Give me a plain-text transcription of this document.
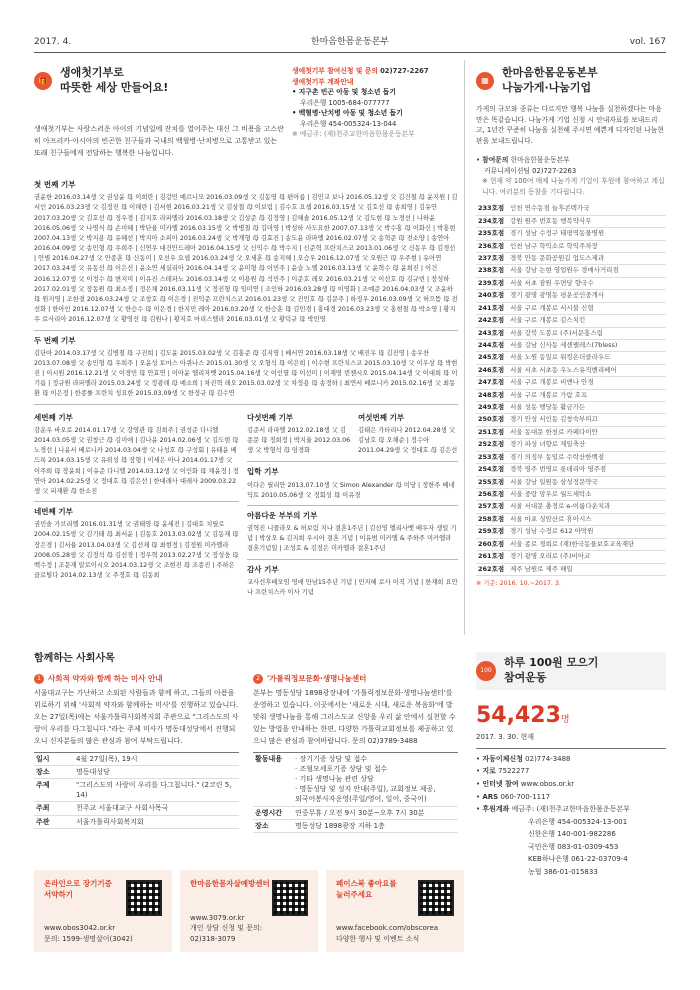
2017. 4.	한마음한몸운동본부	vol. 167
🎁
생애첫기부로
따뜻한 세상 만들어요!
생애첫기부 참여신청 및 문의 02)727-2267
생애첫기부 계좌안내
• 지구촌 빈곤 아동 및 청소년 돕기
우리은행 1005-684-077777
• 백혈병·난치병 아동 및 청소년 돕기
우리은행 454-005324-13-044
※ 예금주: (재)천주교한마음한몸운동본부
생애첫기부는 사랑스러운 아이의 기념일에 잔치를 열어주는 대신 그 비용을 고스란히 아프리카·아시아의 빈곤한 친구들과 국내의 백혈병·난치병으로 고통받고 있는 또래 친구들에게 전달하는 행복한 나눔입니다.
첫 번째 기부

권윤한 2016.03.14생 父 권상윤 母 이희란 | 김강민 예르니모 2016.03.09생 父 김동영 母 편아름 | 김민교 보나 2016.05.12생 父 김건철 母 윤지원 | 김서인 2016.03.23생 父 김정진 母 이해란 | 김서현 2016.03.21생 父 김상철 母 이보림 | 김수호 요셉 2016.03.15생 父 김호선 母 송희영 | 김유안 2017.03.20생 父 김호선 母 정우경 | 김지호 라파엘라 2016.03.18생 父 김상준 母 김정영 | 김해솔 2016.05.12생 父 김도현 母 노경선 | 나하윤 2016.05.06생 父 나명식 母 손미혜 | 박단율 미카엘 2016.03.15생 父 박병철 母 김미영 | 박성하 사도요한 2007.07.13생 父 박수홍 母 이화신 | 박홍현 2007.04.13생 父 박지용 母 유혜선 | 박지아 소피아 2016.03.24생 父 박계형 母 김효진 | 송도윤 라파엘 2016.02.07생 父 송혁준 母 전소양 | 송연아 2016.04.09생 父 송민형 母 우희주 | 신연우 대건안드레아 2016.04.15생 父 신익수 母 박수지 | 신준혁 프란치스코 2013.01.06생 父 신동우 母 김경선 | 안별 2016.04.27생 父 안종훈 母 신동미 | 오선우 요셉 2016.03.24생 父 오세훈 母 송지혜 | 오승우 2016.12.07생 父 오원근 母 우주현 | 유아연 2017.03.24생 父 유동선 母 이은선 | 윤소연 세실리아 2016.04.14생 父 윤미형 母 이민주 | 윤슬 노엘 2016.03.13생 父 윤혁수 母 윤희진 | 이건 2016.12.07생 父 이정수 母 변지미 | 이유진 스테파노 2016.03.14생 父 이용원 母 석민주 | 이준호 레오 2016.03.21생 父 이선호 母 김규빈 | 장성하 2017.02.01생 父 장동원 母 최소정 | 정은채 2016.03.11생 父 정진형 母 임미연 | 조인하 2016.03.28생 母 이영화 | 조예준 2016.04.03생 父 조윤하 母 원지영 | 조한결 2016.03.24생 父 조창호 母 이은경 | 진익준 프란치스코 2016.01.23생 父 진민호 母 김문주 | 하정우 2016.03.09생 父 허으뜸 母 전선화 | 한아인 2016.12.07생 父 한승수 母 이은경 | 한지민 레아 2016.03.20생 父 한승훈 母 김민경 | 홍대경 2016.03.23생 父 홍현철 母 박소영 | 황지우 로사리아 2016.12.07생 父 황영선 母 김원나 | 황지호 마리스텔라 2016.03.01생 父 황덕규 母 박민영

두 번째 기부

김단아 2014.03.17생 父 김병철 母 구진희 | 김도윤 2015.03.02생 父 김홍준 母 김지영 | 배서연 2016.03.18생 父 배진우 母 김진영 | 송우찬 2013.07.08생 父 송민형 母 우희주 | 오윤성 토마스 아퀴나스 2015.01.30생 父 오형석 母 이은희 | 이수현 프란치스코 2015.03.10생 父 이우상 母 박현진 | 이시원 2016.12.21생 父 이경민 母 안효연 | 이아윤 엘리자벳 2015.04.16생 父 이인열 母 이선미 | 이재영 빈첸시오 2015.04.14생 父 이대희 母 이기름 | 정규원 라파엘라 2015.03.24생 父 정광래 母 예소희 | 차진혁 레오 2015.03.02생 父 차정용 母 송정하 | 최연서 베로니카 2015.02.16생 父 최동환 母 이은정 | 한종률 프란치 성요한 2015.03.09생 父 한정규 母 김수연

세번째 기부

강운우 바오로 2014.01.17생 父 강영관 母 김희주 | 권성준 다니엘 2014.03.05생 父 권창근 母 김미애 | 김나윤 2014.02.06생 父 김도현 母 노경선 | 나윤서 베로니카 2014.03.04생 父 나성호 母 구성회 | 유태윤 베드록 2014.03.15생 父 유위성 母 장형 | 이세은 아나 2014.01.17생 父 이주희 母 장윤희 | 이유준 다니엘 2014.03.12생 父 이인화 母 채윤정 | 정연아 2014.02.25생 父 정대호 母 김은선 | 한대래사 대래사 2009.03.22생 父 피재환 母 한소진

네번째 기부

권민솔 가브리엘 2016.01.31생 父 권태영 母 윤세진 | 김대호 치릴로 2004.02.15생 父 김기태 母 최서윤 | 김동호 2013.03.02생 父 김동재 母 장은경 | 김서율 2013.04.03생 父 김선재 母 최현정 | 김정원 미카엘라 2008.05.28생 父 김정석 母 김선경 | 정우혁 2013.02.27생 父 정성웅 母 백수정 | 조문재 알로이시오 2014.03.12생 父 조현진 母 조종진 | 주하은 클로틸다 2014.02.13생 父 주정호 母 김동희

다섯번째 기부

김준서 라파엘 2012.02.18생 父 김종문 母 정희정 | 박지율 2012.03.06생 父 박형석 母 임경화

여섯번째 기부

김태은 가타리나 2012.04.28생 父 김남호 母 오해순 | 정수아 2011.04.29생 父 정대호 母 김은선

입학 기부

이다은 릴리안 2013.07.10생 父 Simon Alexander 母 이당 | 정한주 베네딕토 2010.05.06생 父 정회성 母 이유경

아름다운 부부의 기부

권혁진 니콜라오 & 허보림 지나 결혼1주년 | 김선영 엘리사벳 배우자 생일 기념 | 박상오 & 김지희 우시아 결혼 기념 | 이유범 미카엘 & 주하주 미카엘라 결혼기념일 | 조성호 & 김정은 미카엘라 결혼1주년

감사 기부

교사선후배모임 영애 만남15주년 기념 | 민지혜 로사 이직 기념 | 한재희 요안나 프란치스카 이사 기념

▦
한마음한몸운동본부
나눔가게·나눔기업
가게의 규모와 종류는 다르지만 행복 나눔을 실천하겠다는 마음만은 똑같습니다. 나눔가게 기업 신청 시 안내자료를 보내드리고, 1년간 꾸준히 나눔을 실천해 주시면 예쁜게 디자인된 나눔현판을 보내드립니다.
• 참여문의 한마음한몸운동본부
커뮤니케이션팀 02)727-2263
※ 현재 약 100여 매체 나눔가게 기업이 후원에 참여하고 계십니다. 여러분의 동참을 기다립니다.
233호점	인천 연수동점 눌후콘텍가국
234호점	강원 원주 번호동 행복약사무
235호점	경기 성남 수정구 태평역동물병원
236호점	인천 남구 학익소로 학익주차장
237호점	경북 안동 문화공원길 업도스제과
238호점	서울 강남 논현 영업원두 경매사거리점
239호점	서울 서초 잠원 우면당 향국수
240호점	경기 광명 광명동 평운공인중개사
241호점	서울 구로 개봉로 서시불 신협
242호점	서울 구로 개봉로 김스치킨
243호점	서울 강북 도봉로 (주)서문홍스림
244호점	서울 강남 신사동 세센팰레스(7bless)
245호점	서울 노원 동일로 워킹온더클라우드
246호점	서울 서초 서초동 우노스유직벤리베어
247호점	서울 구로 개봉로 비엔나 안경
248호점	서울 구로 개봉로 가람 호프
249호점	서울 성동 행당동 활금가든
250호점	경기 안성 서인동 김창숙부띠끄
251호점	서울 동대문 한천로 카페다이안
252호점	경기 파성 녀향로 제일축산
253호점	경기 의정부 동일로 수락산한백점
254호점	경북 영주 번영로 롯데리아 영주점
255호점	서울 강남 일원동 삼성정문약국
256호점	서울 중랑 망우로 월드세탁소
257호점	서울 서대문 충정로 e-이룸다운치과
258호점	서울 마포 성암산로 휴아시스
259호점	경기 성남 수정로 612 아막원
260호점	서울 종로 경희로 (재)한국동물보호교육재단
261호점	경기 광명 오리로 (주)비아코
262호점	제주 남원로 제주 해일
※ 기준: 2016. 10.~2017. 3.
함께하는 사회사목
1 사회적 약자와 함께 하는 미사 안내
서울대교구는 가난하고 소외된 사람들과 함께 하고, 그들의 아픔을 위로하기 위해 '사회적 약자와 함께하는 미사'를 진행하고 있습니다. 오는 27일(목)에는 서울가톨릭사회복지회 주관으로 "그리스도의 사랑이 우리를 다그칩니다."라는 주제 미사가 명동대성당에서 진행되오니 신자분들의 많은 관심과 참여 부탁드립니다.
일시	4월 27일(목), 19시
장소	명동대성당
주제	"그리스도의 사랑이 우리를 다그칩니다." (2코린 5, 14)
주최	천주교 서울대교구 사회사목국
주관	서울가톨릭사회복지회
2 '가톨릭정보문화·생명나눔센터
본부는 명동성당 1898광장내에 '가톨릭정보문화·생명나눔센터'를 운영하고 있습니다. 이곳에서는 '새로운 시대, 새로운 복음화'에 발맞춰 생명나눔을 통해 그리스도교 신앙을 우리 삶 안에서 실천할 수 있는 방법을 안내하는 한편, 다양한 가톨릭교회정보를 제공하고 있으니 많은 관심과 참여바랍니다. 문의 02)3789-3488
활동내용	· 장기기증 상담 및 접수
· 조혈모세포기증 상담 및 접수
· 기타 생명나눔 관련 상담
· 명동성당 및 성지 안내(주일), 교회정보 제공,
외국어봉사자운영(주일/영어, 일어, 중국어)
운영시간	연중무휴 / 오전 9시 30분~오후 7시 30분
장소	명동성당 1898광장 지하 1층
100
하루 100원 모으기
참여운동
54,423명
2017. 3. 30. 현재
• 자동이체신청 02)774-3488
• 지로 7522277
• 인터넷 참여 www.obos.or.kr
• ARS 060-700-1117
• 후원계좌 예금주: (재)천주교한마음한몸운동본부
우리은행 454-005324-13-001
신한은행 140-001-982286
국민은행 083-01-0309-453
KEB하나은행 061-22-03709-4
농협 386-01-015833
온라인으로 장기기증
서약하기
www.obos3042.or.kr
문의: 1599-생명살이(3042)
한마음한몸자살예방센터
www.3079.or.kr
개인 상담 신청 및 문의:
02)318-3079
페이스북 좋아요를
눌러주세요
www.facebook.com/obscorea
다양한 행사 및 이벤트 소식
